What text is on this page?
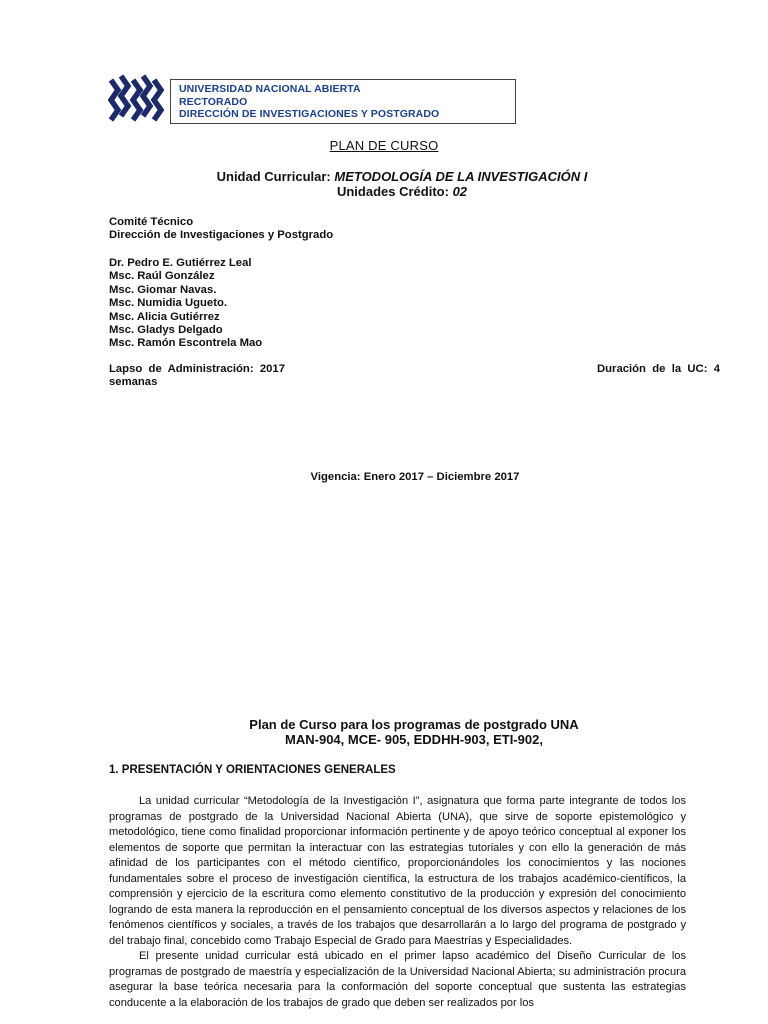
UNIVERSIDAD NACIONAL ABIERTA
RECTORADO
DIRECCIÓN DE INVESTIGACIONES Y POSTGRADO
PLAN DE CURSO
Unidad Curricular: METODOLOGÍA DE LA INVESTIGACIÓN I
Unidades Crédito: 02
Comité Técnico
Dirección de Investigaciones y Postgrado
Dr. Pedro E. Gutiérrez Leal
Msc. Raúl González
Msc. Giomar Navas.
Msc. Numidia Ugueto.
Msc. Alicia Gutiérrez
Msc. Gladys Delgado
Msc. Ramón Escontrela Mao
Lapso  de  Administración:  2017
semanas
Duración  de  la  UC:  4
Vigencia: Enero 2017 – Diciembre 2017
Plan de Curso para los programas de postgrado UNA
MAN-904, MCE- 905, EDDHH-903, ETI-902,
1. PRESENTACIÓN Y ORIENTACIONES GENERALES

La unidad curricular “Metodología de la Investigación I”, asignatura que forma parte integrante de todos los programas de postgrado de la Universidad Nacional Abierta (UNA), que sirve de soporte epistemológico y metodológico, tiene como finalidad proporcionar información pertinente y de apoyo teórico conceptual al exponer los elementos de soporte que permitan la interactuar con las estrategias tutoriales y con ello la generación de más afinidad de los participantes con el método científico, proporcionándoles los conocimientos y las nociones fundamentales sobre el proceso de investigación científica, la estructura de los trabajos académico-científicos, la comprensión y ejercicio de la escritura como elemento constitutivo de la producción y expresión del conocimiento logrando de esta manera la reproducción en el pensamiento conceptual de los diversos aspectos y relaciones de los fenómenos científicos y sociales, a través de los trabajos que desarrollarán a lo largo del programa de postgrado y del trabajo final, concebido como Trabajo Especial de Grado para Maestrías y Especialidades.

El presente unidad curricular está ubicado en el primer lapso académico del Diseño Curricular de los programas de postgrado de maestría y especialización de la Universidad Nacional Abierta; su administración procura asegurar la base teórica necesaria para la conformación del soporte conceptual que sustenta las estrategias conducente a la elaboración de los trabajos de grado que deben ser realizados por los
